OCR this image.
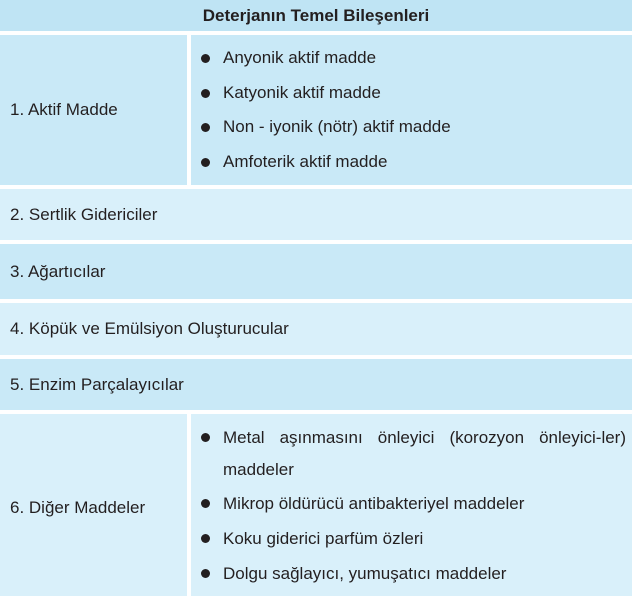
Deterjanın Temel Bileşenleri
1. Aktif Madde
Anyonik aktif madde
Katyonik aktif madde
Non - iyonik (nötr) aktif madde
Amfoterik aktif madde
2. Sertlik Gidericiler
3. Ağartıcılar
4. Köpük ve Emülsiyon Oluşturucular
5. Enzim Parçalayıcılar
6. Diğer Maddeler
Metal aşınmasını önleyici (korozyon önleyici-ler) maddeler
Mikrop öldürücü antibakteriyel maddeler
Koku giderici parfüm özleri
Dolgu sağlayıcı, yumuşatıcı maddeler
